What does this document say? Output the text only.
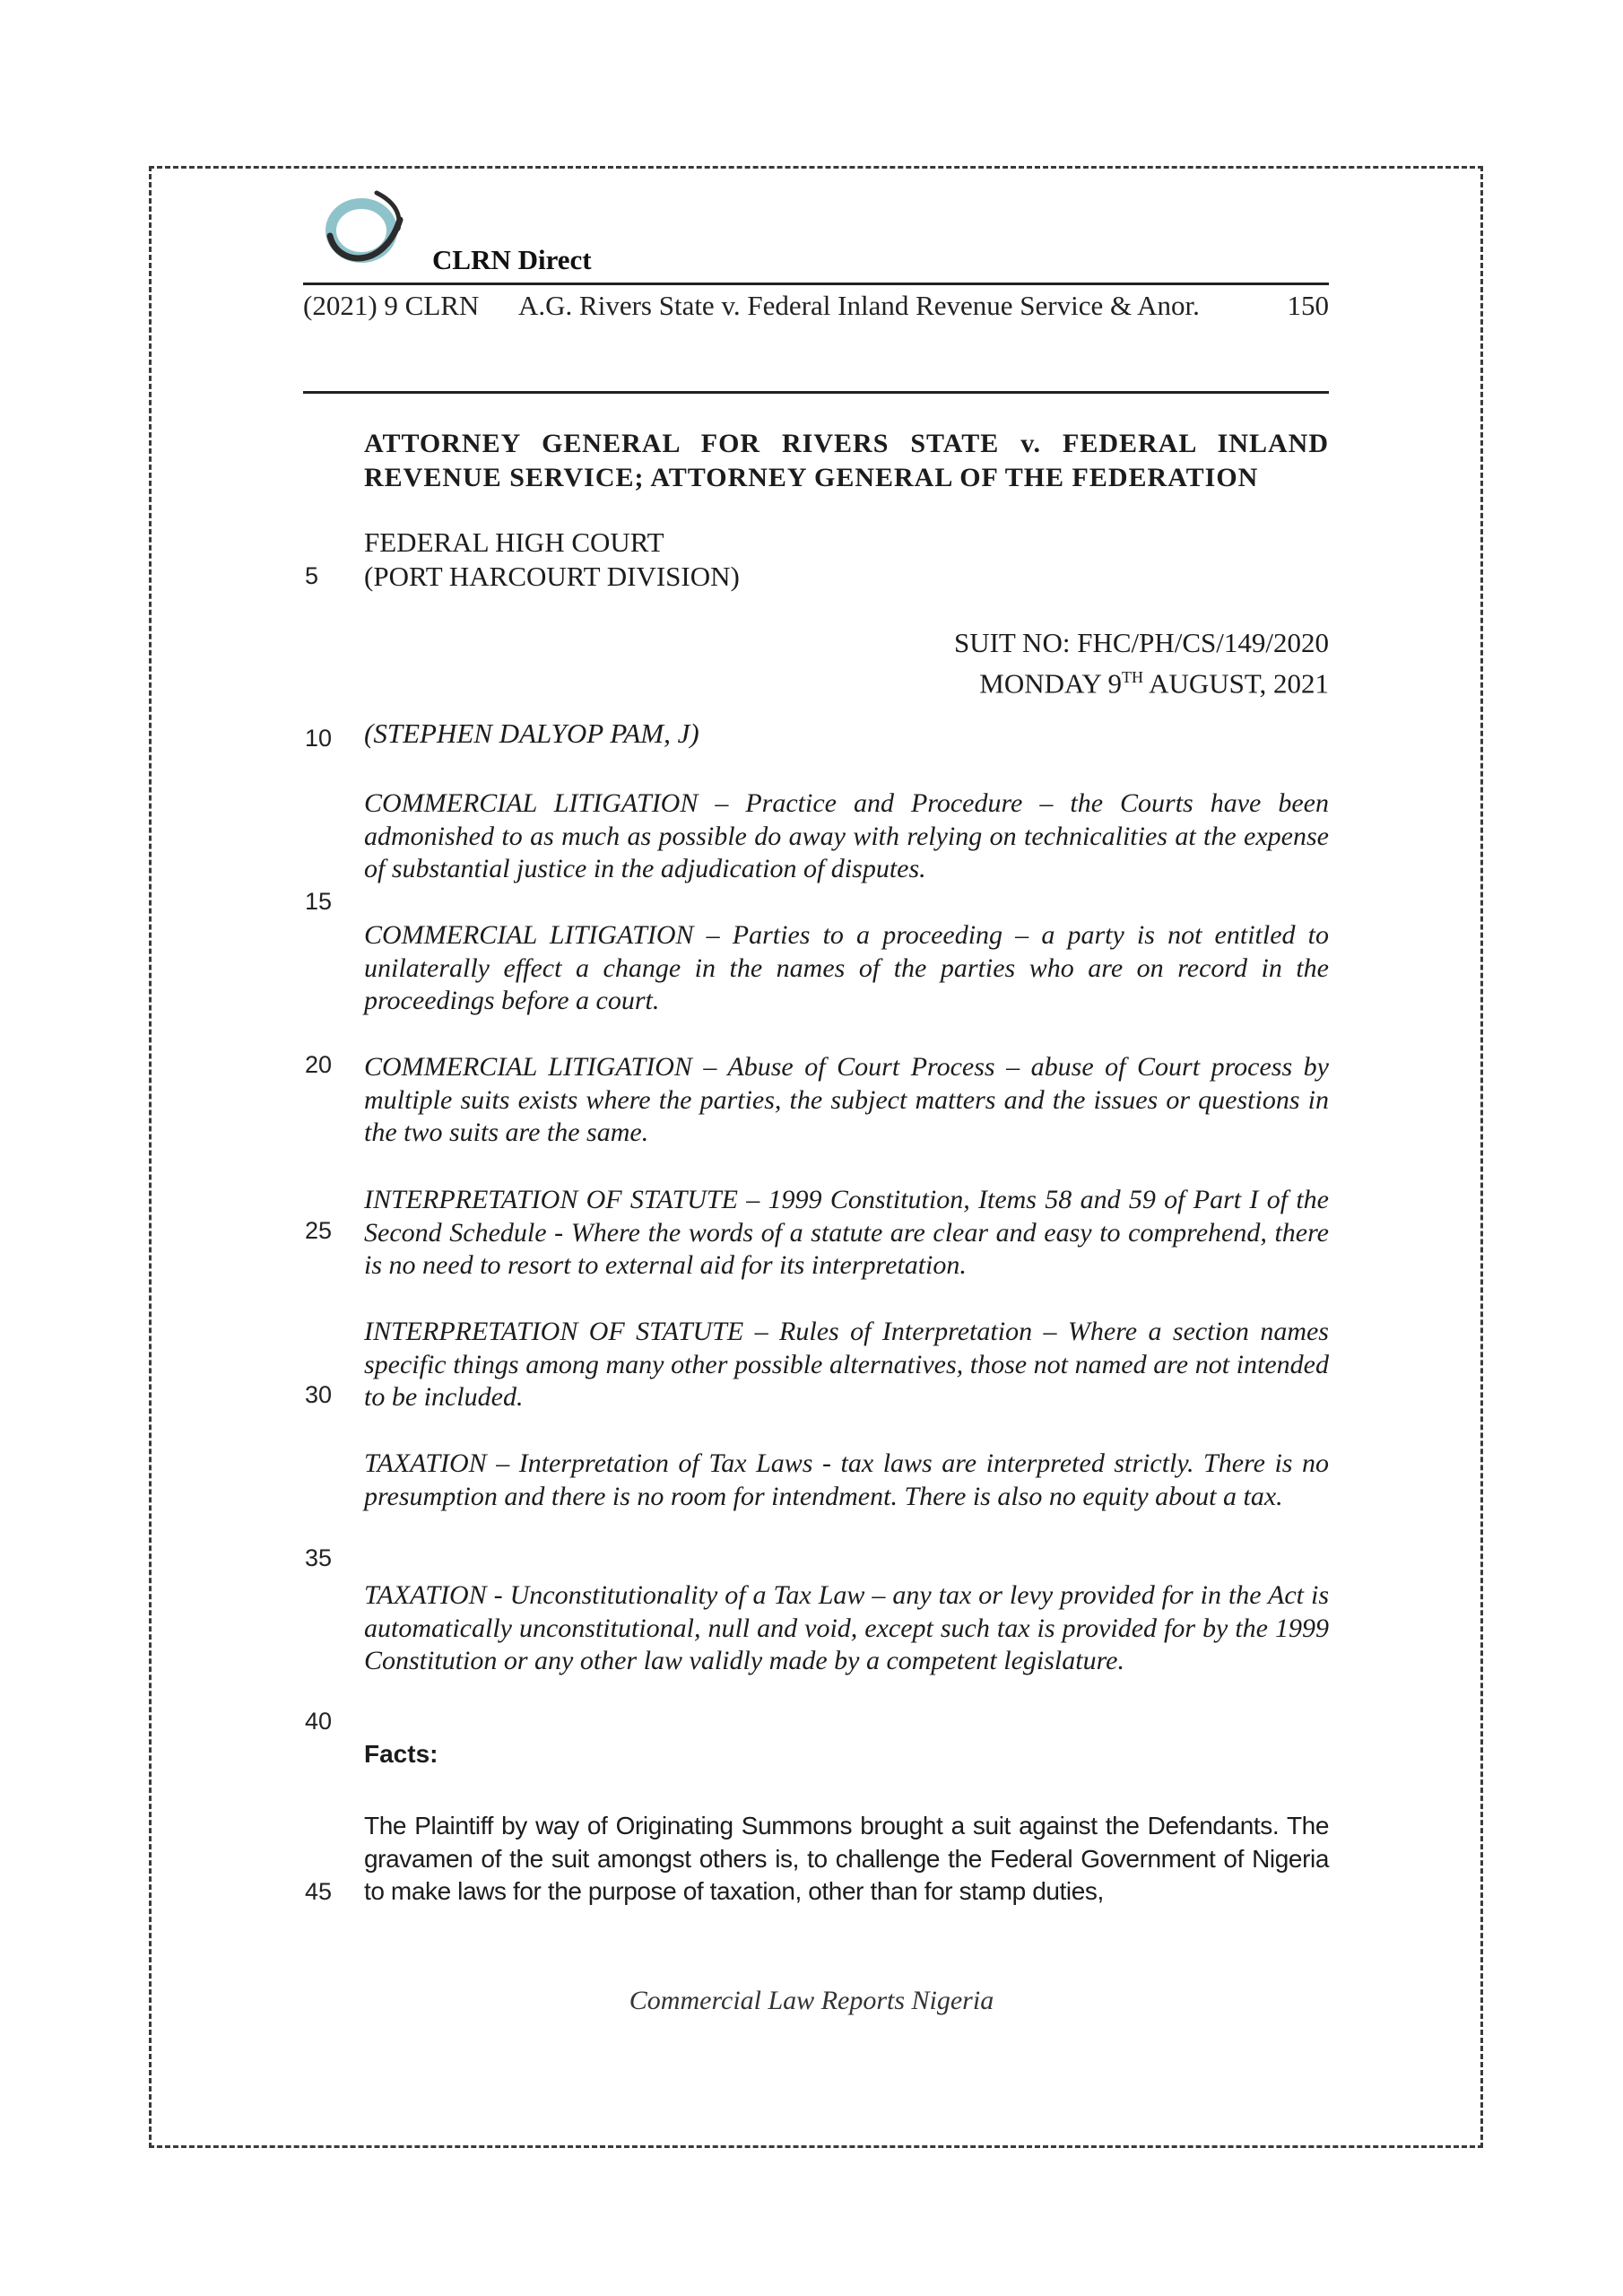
CLRN Direct
(2021) 9 CLRN A.G. Rivers State v. Federal Inland Revenue Service & Anor.	150
ATTORNEY GENERAL FOR RIVERS STATE v. FEDERAL INLAND
REVENUE SERVICE; ATTORNEY GENERAL OF THE FEDERATION
FEDERAL HIGH COURT
(PORT HARCOURT DIVISION)
SUIT NO: FHC/PH/CS/149/2020
MONDAY 9TH AUGUST, 2021
(STEPHEN DALYOP PAM, J)
COMMERCIAL LITIGATION – Practice and Procedure – the Courts have been admonished to as much as possible do away with relying on technicalities at the expense of substantial justice in the adjudication of disputes.
COMMERCIAL LITIGATION – Parties to a proceeding – a party is not entitled to unilaterally effect a change in the names of the parties who are on record in the proceedings before a court.
COMMERCIAL LITIGATION – Abuse of Court Process – abuse of Court process by multiple suits exists where the parties, the subject matters and the issues or questions in the two suits are the same.
INTERPRETATION OF STATUTE – 1999 Constitution, Items 58 and 59 of Part I of the Second Schedule - Where the words of a statute are clear and easy to comprehend, there is no need to resort to external aid for its interpretation.
INTERPRETATION OF STATUTE – Rules of Interpretation – Where a section names specific things among many other possible alternatives, those not named are not intended to be included.
TAXATION – Interpretation of Tax Laws - tax laws are interpreted strictly. There is no presumption and there is no room for intendment. There is also no equity about a tax.
TAXATION - Unconstitutionality of a Tax Law – any tax or levy provided for in the Act is automatically unconstitutional, null and void, except such tax is provided for by the 1999 Constitution or any other law validly made by a competent legislature.
Facts:
The Plaintiff by way of Originating Summons brought a suit against the Defendants. The gravamen of the suit amongst others is, to challenge the Federal Government of Nigeria to make laws for the purpose of taxation, other than for stamp duties,
5
10
15
20
25
30
35
40
45
Commercial Law Reports Nigeria
